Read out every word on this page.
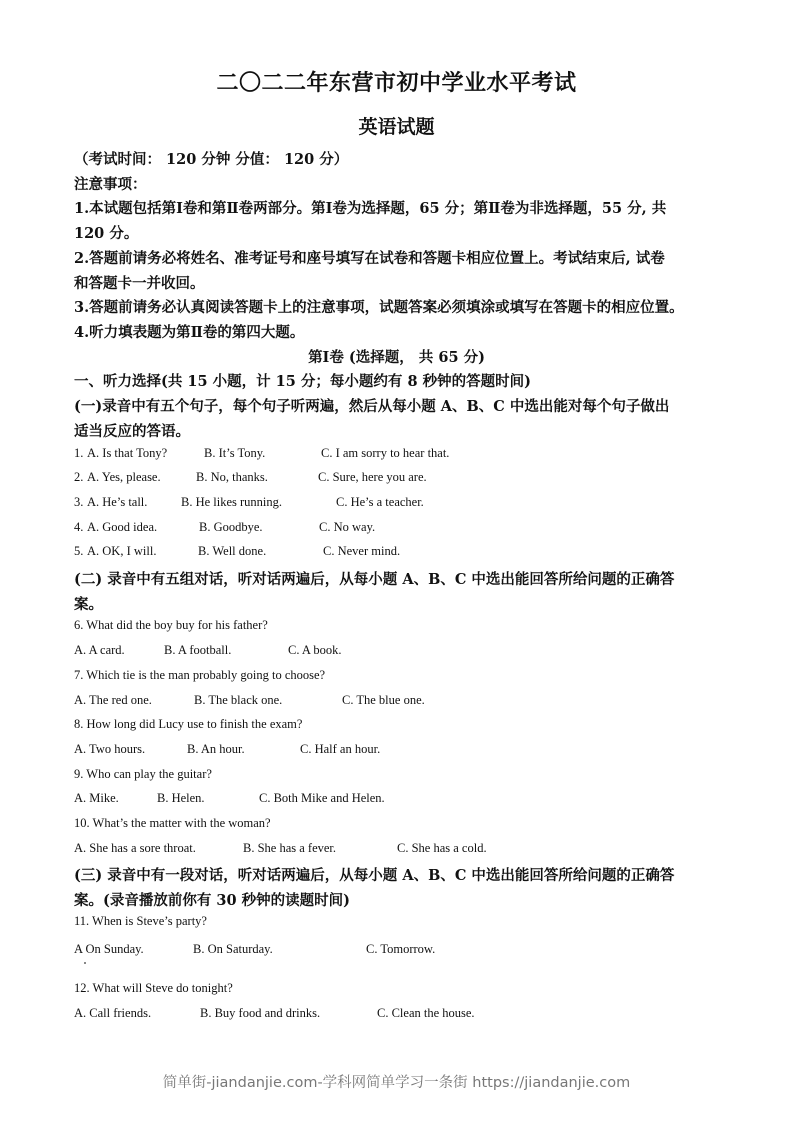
二〇二二年东营市初中学业水平考试
英语试题
（考试时间： 120 分钟 分值： 120 分）
注意事项：
1.本试题包括第Ⅰ卷和第Ⅱ卷两部分。第Ⅰ卷为选择题，65 分；第Ⅱ卷为非选择题，55 分, 共
120 分。
2.答题前请务必将姓名、准考证号和座号填写在试卷和答题卡相应位置上。考试结束后, 试卷
和答题卡一并收回。
3.答题前请务必认真阅读答题卡上的注意事项，试题答案必须填涂或填写在答题卡的相应位置。
4.听力填表题为第Ⅱ卷的第四大题。
第Ⅰ卷 (选择题， 共 65 分)
一、听力选择(共 15 小题，计 15 分；每小题约有 8 秒钟的答题时间)
(一)录音中有五个句子，每个句子听两遍，然后从每小题 A、B、C 中选出能对每个句子做出
适当反应的答语。
1. A. Is that Tony?	B. It’s Tony.	C. I am sorry to hear that.
2. A. Yes, please.	B. No, thanks.	C. Sure, here you are.
3. A. He’s tall.	B. He likes running.	C. He’s a teacher.
4. A. Good idea.	B. Goodbye.	C. No way.
5. A. OK, I will.	B. Well done.	C. Never mind.
(二) 录音中有五组对话，听对话两遍后，从每小题 A、B、C 中选出能回答所给问题的正确答
案。
6. What did the boy buy for his father?
A. A card.	B. A football.	C. A book.
7. Which tie is the man probably going to choose?
A. The red one.	B. The black one.	C. The blue one.
8. How long did Lucy use to finish the exam?
A. Two hours.	B. An hour.	C. Half an hour.
9. Who can play the guitar?
A. Mike.	B. Helen.	C. Both Mike and Helen.
10. What’s the matter with the woman?
A. She has a sore throat.	B. She has a fever.	C. She has a cold.
(三) 录音中有一段对话，听对话两遍后，从每小题 A、B、C 中选出能回答所给问题的正确答
案。(录音播放前你有 30 秒钟的读题时间)
11. When is Steve’s party?
A On Sunday.	B. On Saturday.	C. Tomorrow.
12. What will Steve do tonight?
A. Call friends.	B. Buy food and drinks.	C. Clean the house.
简单街-jiandanjie.com-学科网简单学习一条街 https://jiandanjie.com
